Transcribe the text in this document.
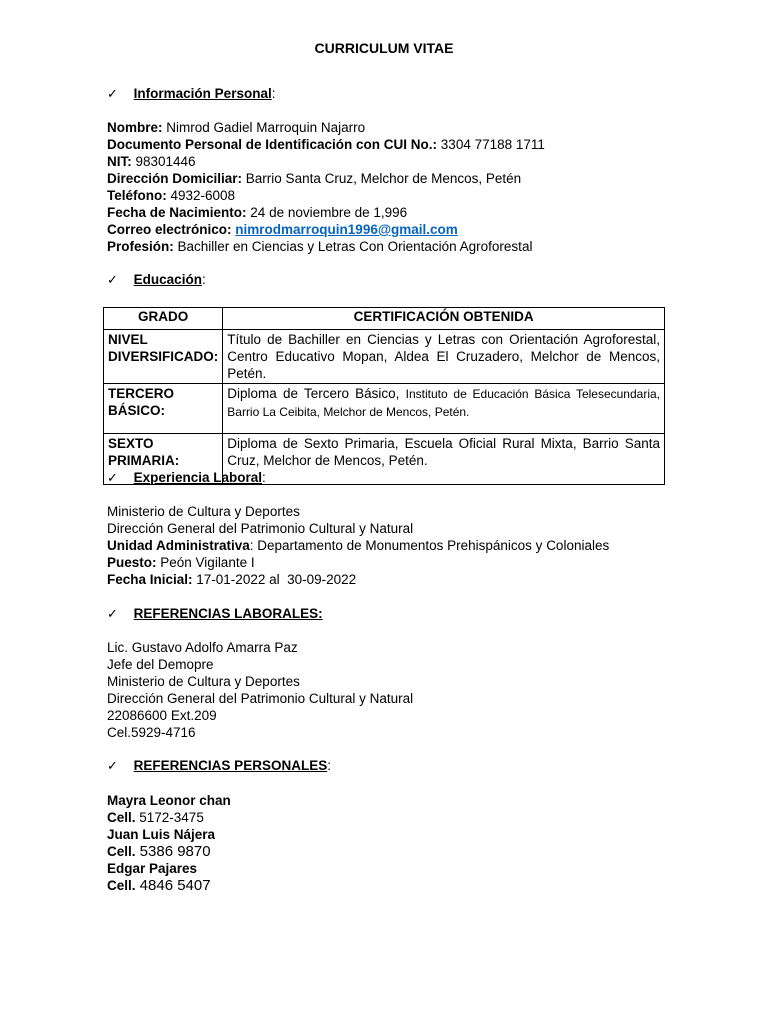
CURRICULUM VITAE
✓ Información Personal:
Nombre: Nimrod Gadiel Marroquin Najarro
Documento Personal de Identificación con CUI No.: 3304 77188 1711
NIT: 98301446
Dirección Domiciliar: Barrio Santa Cruz, Melchor de Mencos, Petén
Teléfono: 4932-6008
Fecha de Nacimiento: 24 de noviembre de 1,996
Correo electrónico: nimrodmarroquin1996@gmail.com
Profesión: Bachiller en Ciencias y Letras Con Orientación Agroforestal
✓ Educación:
GRADO	CERTIFICACIÓN OBTENIDA
NIVEL DIVERSIFICADO:	Título de Bachiller en Ciencias y Letras con Orientación Agroforestal, Centro Educativo Mopan, Aldea El Cruzadero, Melchor de Mencos, Petén.
TERCERO BÁSICO:	Diploma de Tercero Básico, Instituto de Educación Básica Telesecundaria, Barrio La Ceibita, Melchor de Mencos, Petén.
SEXTO PRIMARIA:	Diploma de Sexto Primaria, Escuela Oficial Rural Mixta, Barrio Santa Cruz, Melchor de Mencos, Petén.
✓ Experiencia Laboral:
Ministerio de Cultura y Deportes
Dirección General del Patrimonio Cultural y Natural
Unidad Administrativa: Departamento de Monumentos Prehispánicos y Coloniales
Puesto: Peón Vigilante I
Fecha Inicial: 17-01-2022 al  30-09-2022
✓ REFERENCIAS LABORALES:
Lic. Gustavo Adolfo Amarra Paz
Jefe del Demopre
Ministerio de Cultura y Deportes
Dirección General del Patrimonio Cultural y Natural
22086600 Ext.209
Cel.5929-4716
✓ REFERENCIAS PERSONALES:
Mayra Leonor chan
Cell. 5172-3475
Juan Luis Nájera
Cell. 5386 9870
Edgar Pajares
Cell. 4846 5407
